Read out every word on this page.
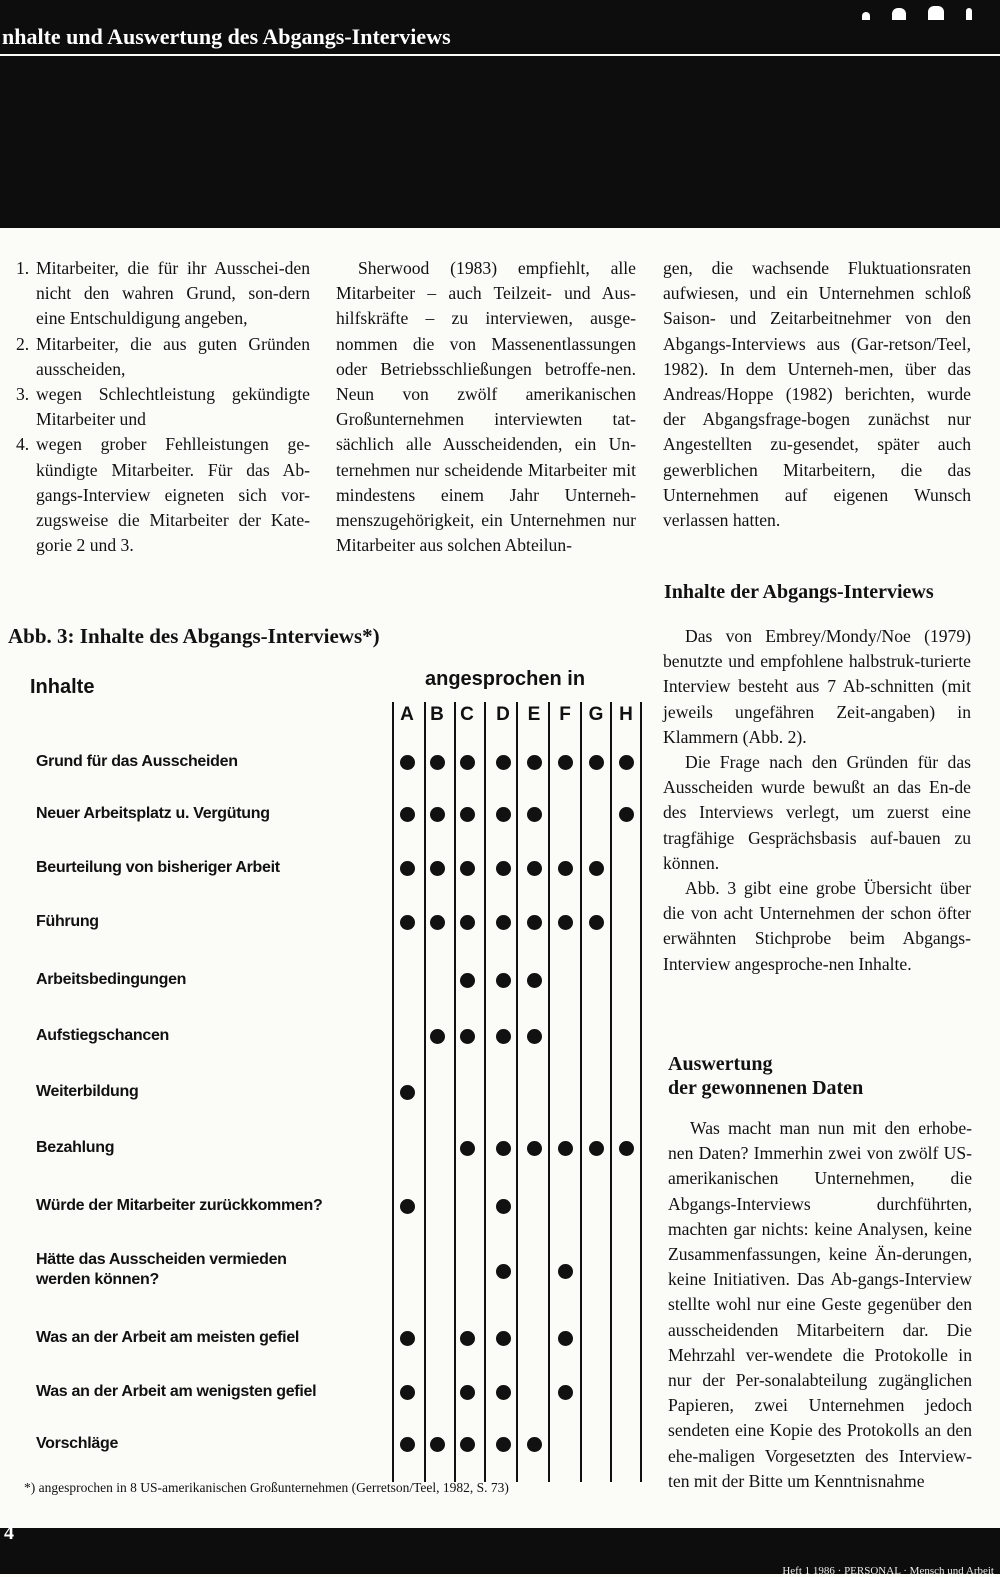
nhalte und Auswertung des Abgangs-Interviews
1. Mitarbeiter, die für ihr Ausschei-den nicht den wahren Grund, son-dern eine Entschuldigung angeben,
2. Mitarbeiter, die aus guten Gründen ausscheiden,
3. wegen Schlechtleistung gekündigte Mitarbeiter und
4. wegen grober Fehlleistungen ge-kündigte Mitarbeiter. Für das Ab-gangs-Interview eigneten sich vor-zugsweise die Mitarbeiter der Kate-gorie 2 und 3.

Sherwood (1983) empfiehlt, alle Mitarbeiter – auch Teilzeit- und Aus-hilfskräfte – zu interviewen, ausge-nommen die von Massenentlassungen oder Betriebsschließungen betroffe-nen. Neun von zwölf amerikanischen Großunternehmen interviewten tat-sächlich alle Ausscheidenden, ein Un-ternehmen nur scheidende Mitarbeiter mit mindestens einem Jahr Unterneh-menszugehörigkeit, ein Unternehmen nur Mitarbeiter aus solchen Abteilun-

gen, die wachsende Fluktuationsraten aufwiesen, und ein Unternehmen schloß Saison- und Zeitarbeitnehmer von den Abgangs-Interviews aus (Gar-retson/Teel, 1982). In dem Unterneh-men, über das Andreas/Hoppe (1982) berichten, wurde der Abgangsfrage-bogen zunächst nur Angestellten zu-gesendet, später auch gewerblichen Mitarbeitern, die das Unternehmen auf eigenen Wunsch verlassen hatten.

Inhalte der Abgangs-Interviews

Das von Embrey/Mondy/Noe (1979) benutzte und empfohlene halbstruk-turierte Interview besteht aus 7 Ab-schnitten (mit jeweils ungefähren Zeit-angaben) in Klammern (Abb. 2).

Die Frage nach den Gründen für das Ausscheiden wurde bewußt an das En-de des Interviews verlegt, um zuerst eine tragfähige Gesprächsbasis auf-bauen zu können.

Abb. 3 gibt eine grobe Übersicht über die von acht Unternehmen der schon öfter erwähnten Stichprobe beim Abgangs-Interview angesproche-nen Inhalte.

Auswertung
der gewonnenen Daten

Was macht man nun mit den erhobe-nen Daten? Immerhin zwei von zwölf US-amerikanischen Unternehmen, die Abgangs-Interviews durchführten, machten gar nichts: keine Analysen, keine Zusammenfassungen, keine Än-derungen, keine Initiativen. Das Ab-gangs-Interview stellte wohl nur eine Geste gegenüber den ausscheidenden Mitarbeitern dar. Die Mehrzahl ver-wendete die Protokolle in nur der Per-sonalabteilung zugänglichen Papieren, zwei Unternehmen jedoch sendeten eine Kopie des Protokolls an den ehe-maligen Vorgesetzten des Interview-ten mit der Bitte um Kenntnisnahme

Abb. 3: Inhalte des Abgangs-Interviews*)
Inhalte	angesprochen in
A B C	D E F G H
Grund für das Ausscheiden
Neuer Arbeitsplatz u. Vergütung
Beurteilung von bisheriger Arbeit
Führung
Arbeitsbedingungen
Aufstiegschancen
Weiterbildung
Bezahlung
Würde der Mitarbeiter zurückkommen?
Hätte das Ausscheiden vermieden werden können?
Was an der Arbeit am meisten gefiel
Was an der Arbeit am wenigsten gefiel
Vorschläge
*) angesprochen in 8 US-amerikanischen Großunternehmen (Gerretson/Teel, 1982, S. 73)
4
Heft 1 1986 · PERSONAL · Mensch und Arbeit
